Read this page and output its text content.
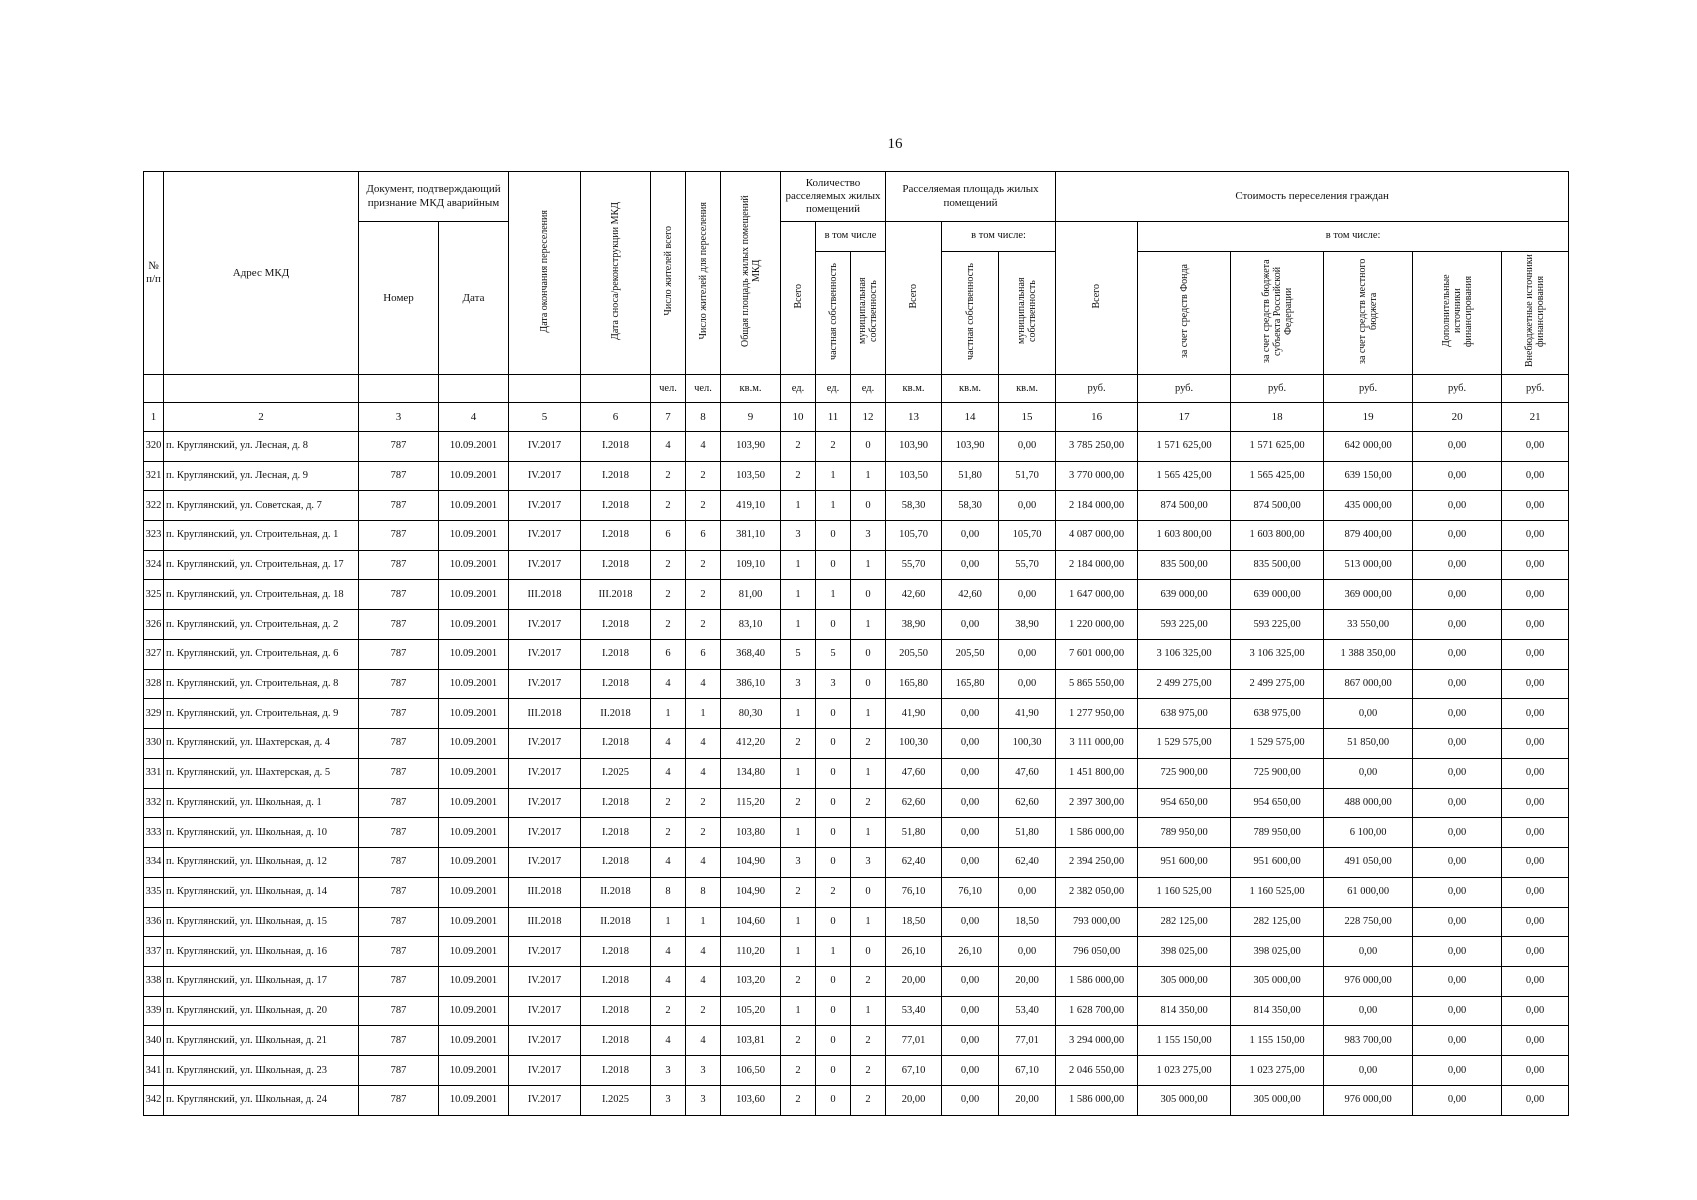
16
№ п/п	Адрес МКД	Документ, подтверждающий признание МКД аварийным		Дата окончания переселения	Дата сноса/реконструкции МКД	Число жителей всего	Число жителей для переселения	Общая площадь жилых помещений МКД	Количество расселяемых жилых помещений			Расселяемая площадь жилых помещений			Стоимость переселения граждан					
		Номер	Дата						Всего	в том числе		Всего	в том числе:		Всего	в том числе:				
										частная собственность	муниципальная собственность		частная собственность	муниципальная собственность		за счет средств Фонда	за счет средств бюджета субъекта Российской Федерации	за счет средств местного бюджета	Дополнительные источники финансирования	Внебюджетные источники финансирования
						чел.	чел.	кв.м.	ед.	ед.	ед.	кв.м.	кв.м.	кв.м.	руб.	руб.	руб.	руб.	руб.	руб.
1	2	3	4	5	6	7	8	9	10	11	12	13	14	15	16	17	18	19	20	21
320	п. Круглянский, ул. Лесная, д. 8	787	10.09.2001	IV.2017	I.2018	4	4	103,90	2	2	0	103,90	103,90	0,00	3 785 250,00	1 571 625,00	1 571 625,00	642 000,00	0,00	0,00
321	п. Круглянский, ул. Лесная, д. 9	787	10.09.2001	IV.2017	I.2018	2	2	103,50	2	1	1	103,50	51,80	51,70	3 770 000,00	1 565 425,00	1 565 425,00	639 150,00	0,00	0,00
322	п. Круглянский, ул. Советская, д. 7	787	10.09.2001	IV.2017	I.2018	2	2	419,10	1	1	0	58,30	58,30	0,00	2 184 000,00	874 500,00	874 500,00	435 000,00	0,00	0,00
323	п. Круглянский, ул. Строительная, д. 1	787	10.09.2001	IV.2017	I.2018	6	6	381,10	3	0	3	105,70	0,00	105,70	4 087 000,00	1 603 800,00	1 603 800,00	879 400,00	0,00	0,00
324	п. Круглянский, ул. Строительная, д. 17	787	10.09.2001	IV.2017	I.2018	2	2	109,10	1	0	1	55,70	0,00	55,70	2 184 000,00	835 500,00	835 500,00	513 000,00	0,00	0,00
325	п. Круглянский, ул. Строительная, д. 18	787	10.09.2001	III.2018	III.2018	2	2	81,00	1	1	0	42,60	42,60	0,00	1 647 000,00	639 000,00	639 000,00	369 000,00	0,00	0,00
326	п. Круглянский, ул. Строительная, д. 2	787	10.09.2001	IV.2017	I.2018	2	2	83,10	1	0	1	38,90	0,00	38,90	1 220 000,00	593 225,00	593 225,00	33 550,00	0,00	0,00
327	п. Круглянский, ул. Строительная, д. 6	787	10.09.2001	IV.2017	I.2018	6	6	368,40	5	5	0	205,50	205,50	0,00	7 601 000,00	3 106 325,00	3 106 325,00	1 388 350,00	0,00	0,00
328	п. Круглянский, ул. Строительная, д. 8	787	10.09.2001	IV.2017	I.2018	4	4	386,10	3	3	0	165,80	165,80	0,00	5 865 550,00	2 499 275,00	2 499 275,00	867 000,00	0,00	0,00
329	п. Круглянский, ул. Строительная, д. 9	787	10.09.2001	III.2018	II.2018	1	1	80,30	1	0	1	41,90	0,00	41,90	1 277 950,00	638 975,00	638 975,00	0,00	0,00	0,00
330	п. Круглянский, ул. Шахтерская, д. 4	787	10.09.2001	IV.2017	I.2018	4	4	412,20	2	0	2	100,30	0,00	100,30	3 111 000,00	1 529 575,00	1 529 575,00	51 850,00	0,00	0,00
331	п. Круглянский, ул. Шахтерская, д. 5	787	10.09.2001	IV.2017	I.2025	4	4	134,80	1	0	1	47,60	0,00	47,60	1 451 800,00	725 900,00	725 900,00	0,00	0,00	0,00
332	п. Круглянский, ул. Школьная, д. 1	787	10.09.2001	IV.2017	I.2018	2	2	115,20	2	0	2	62,60	0,00	62,60	2 397 300,00	954 650,00	954 650,00	488 000,00	0,00	0,00
333	п. Круглянский, ул. Школьная, д. 10	787	10.09.2001	IV.2017	I.2018	2	2	103,80	1	0	1	51,80	0,00	51,80	1 586 000,00	789 950,00	789 950,00	6 100,00	0,00	0,00
334	п. Круглянский, ул. Школьная, д. 12	787	10.09.2001	IV.2017	I.2018	4	4	104,90	3	0	3	62,40	0,00	62,40	2 394 250,00	951 600,00	951 600,00	491 050,00	0,00	0,00
335	п. Круглянский, ул. Школьная, д. 14	787	10.09.2001	III.2018	II.2018	8	8	104,90	2	2	0	76,10	76,10	0,00	2 382 050,00	1 160 525,00	1 160 525,00	61 000,00	0,00	0,00
336	п. Круглянский, ул. Школьная, д. 15	787	10.09.2001	III.2018	II.2018	1	1	104,60	1	0	1	18,50	0,00	18,50	793 000,00	282 125,00	282 125,00	228 750,00	0,00	0,00
337	п. Круглянский, ул. Школьная, д. 16	787	10.09.2001	IV.2017	I.2018	4	4	110,20	1	1	0	26,10	26,10	0,00	796 050,00	398 025,00	398 025,00	0,00	0,00	0,00
338	п. Круглянский, ул. Школьная, д. 17	787	10.09.2001	IV.2017	I.2018	4	4	103,20	2	0	2	20,00	0,00	20,00	1 586 000,00	305 000,00	305 000,00	976 000,00	0,00	0,00
339	п. Круглянский, ул. Школьная, д. 20	787	10.09.2001	IV.2017	I.2018	2	2	105,20	1	0	1	53,40	0,00	53,40	1 628 700,00	814 350,00	814 350,00	0,00	0,00	0,00
340	п. Круглянский, ул. Школьная, д. 21	787	10.09.2001	IV.2017	I.2018	4	4	103,81	2	0	2	77,01	0,00	77,01	3 294 000,00	1 155 150,00	1 155 150,00	983 700,00	0,00	0,00
341	п. Круглянский, ул. Школьная, д. 23	787	10.09.2001	IV.2017	I.2018	3	3	106,50	2	0	2	67,10	0,00	67,10	2 046 550,00	1 023 275,00	1 023 275,00	0,00	0,00	0,00
342	п. Круглянский, ул. Школьная, д. 24	787	10.09.2001	IV.2017	I.2025	3	3	103,60	2	0	2	20,00	0,00	20,00	1 586 000,00	305 000,00	305 000,00	976 000,00	0,00	0,00
